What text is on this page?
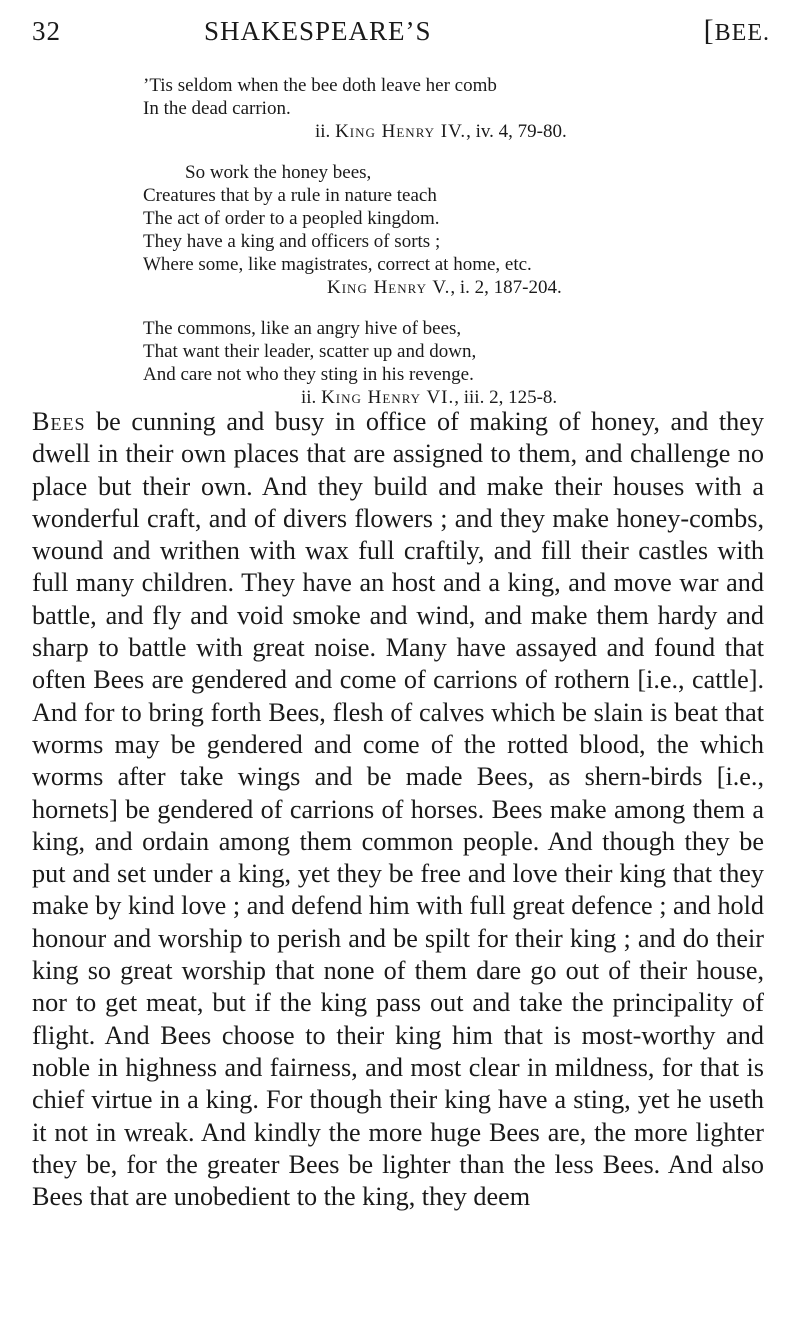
32	SHAKESPEARE’S	[BEE.
’Tis seldom when the bee doth leave her comb
In the dead carrion.
ii. King Henry IV., iv. 4, 79-80.
So work the honey bees,
Creatures that by a rule in nature teach
The act of order to a peopled kingdom.
They have a king and officers of sorts ;
Where some, like magistrates, correct at home, etc.
King Henry V., i. 2, 187-204.
The commons, like an angry hive of bees,
That want their leader, scatter up and down,
And care not who they sting in his revenge.
ii. King Henry VI., iii. 2, 125-8.

Bees be cunning and busy in office of making of honey, and they dwell in their own places that are assigned to them, and challenge no place but their own. And they build and make their houses with a wonderful craft, and of divers flowers ; and they make honey-combs, wound and writhen with wax full craftily, and fill their castles with full many children. They have an host and a king, and move war and battle, and fly and void smoke and wind, and make them hardy and sharp to battle with great noise. Many have assayed and found that often Bees are gendered and come of carrions of rothern [i.e., cattle]. And for to bring forth Bees, flesh of calves which be slain is beat that worms may be gendered and come of the rotted blood, the which worms after take wings and be made Bees, as shern-birds [i.e., hornets] be gendered of carrions of horses. Bees make among them a king, and ordain among them common people. And though they be put and set under a king, yet they be free and love their king that they make by kind love ; and defend him with full great defence ; and hold honour and worship to perish and be spilt for their king ; and do their king so great worship that none of them dare go out of their house, nor to get meat, but if the king pass out and take the principality of flight. And Bees choose to their king him that is most-worthy and noble in highness and fairness, and most clear in mildness, for that is chief virtue in a king. For though their king have a sting, yet he useth it not in wreak. And kindly the more huge Bees are, the more lighter they be, for the greater Bees be lighter than the less Bees. And also Bees that are unobedient to the king, they deem
